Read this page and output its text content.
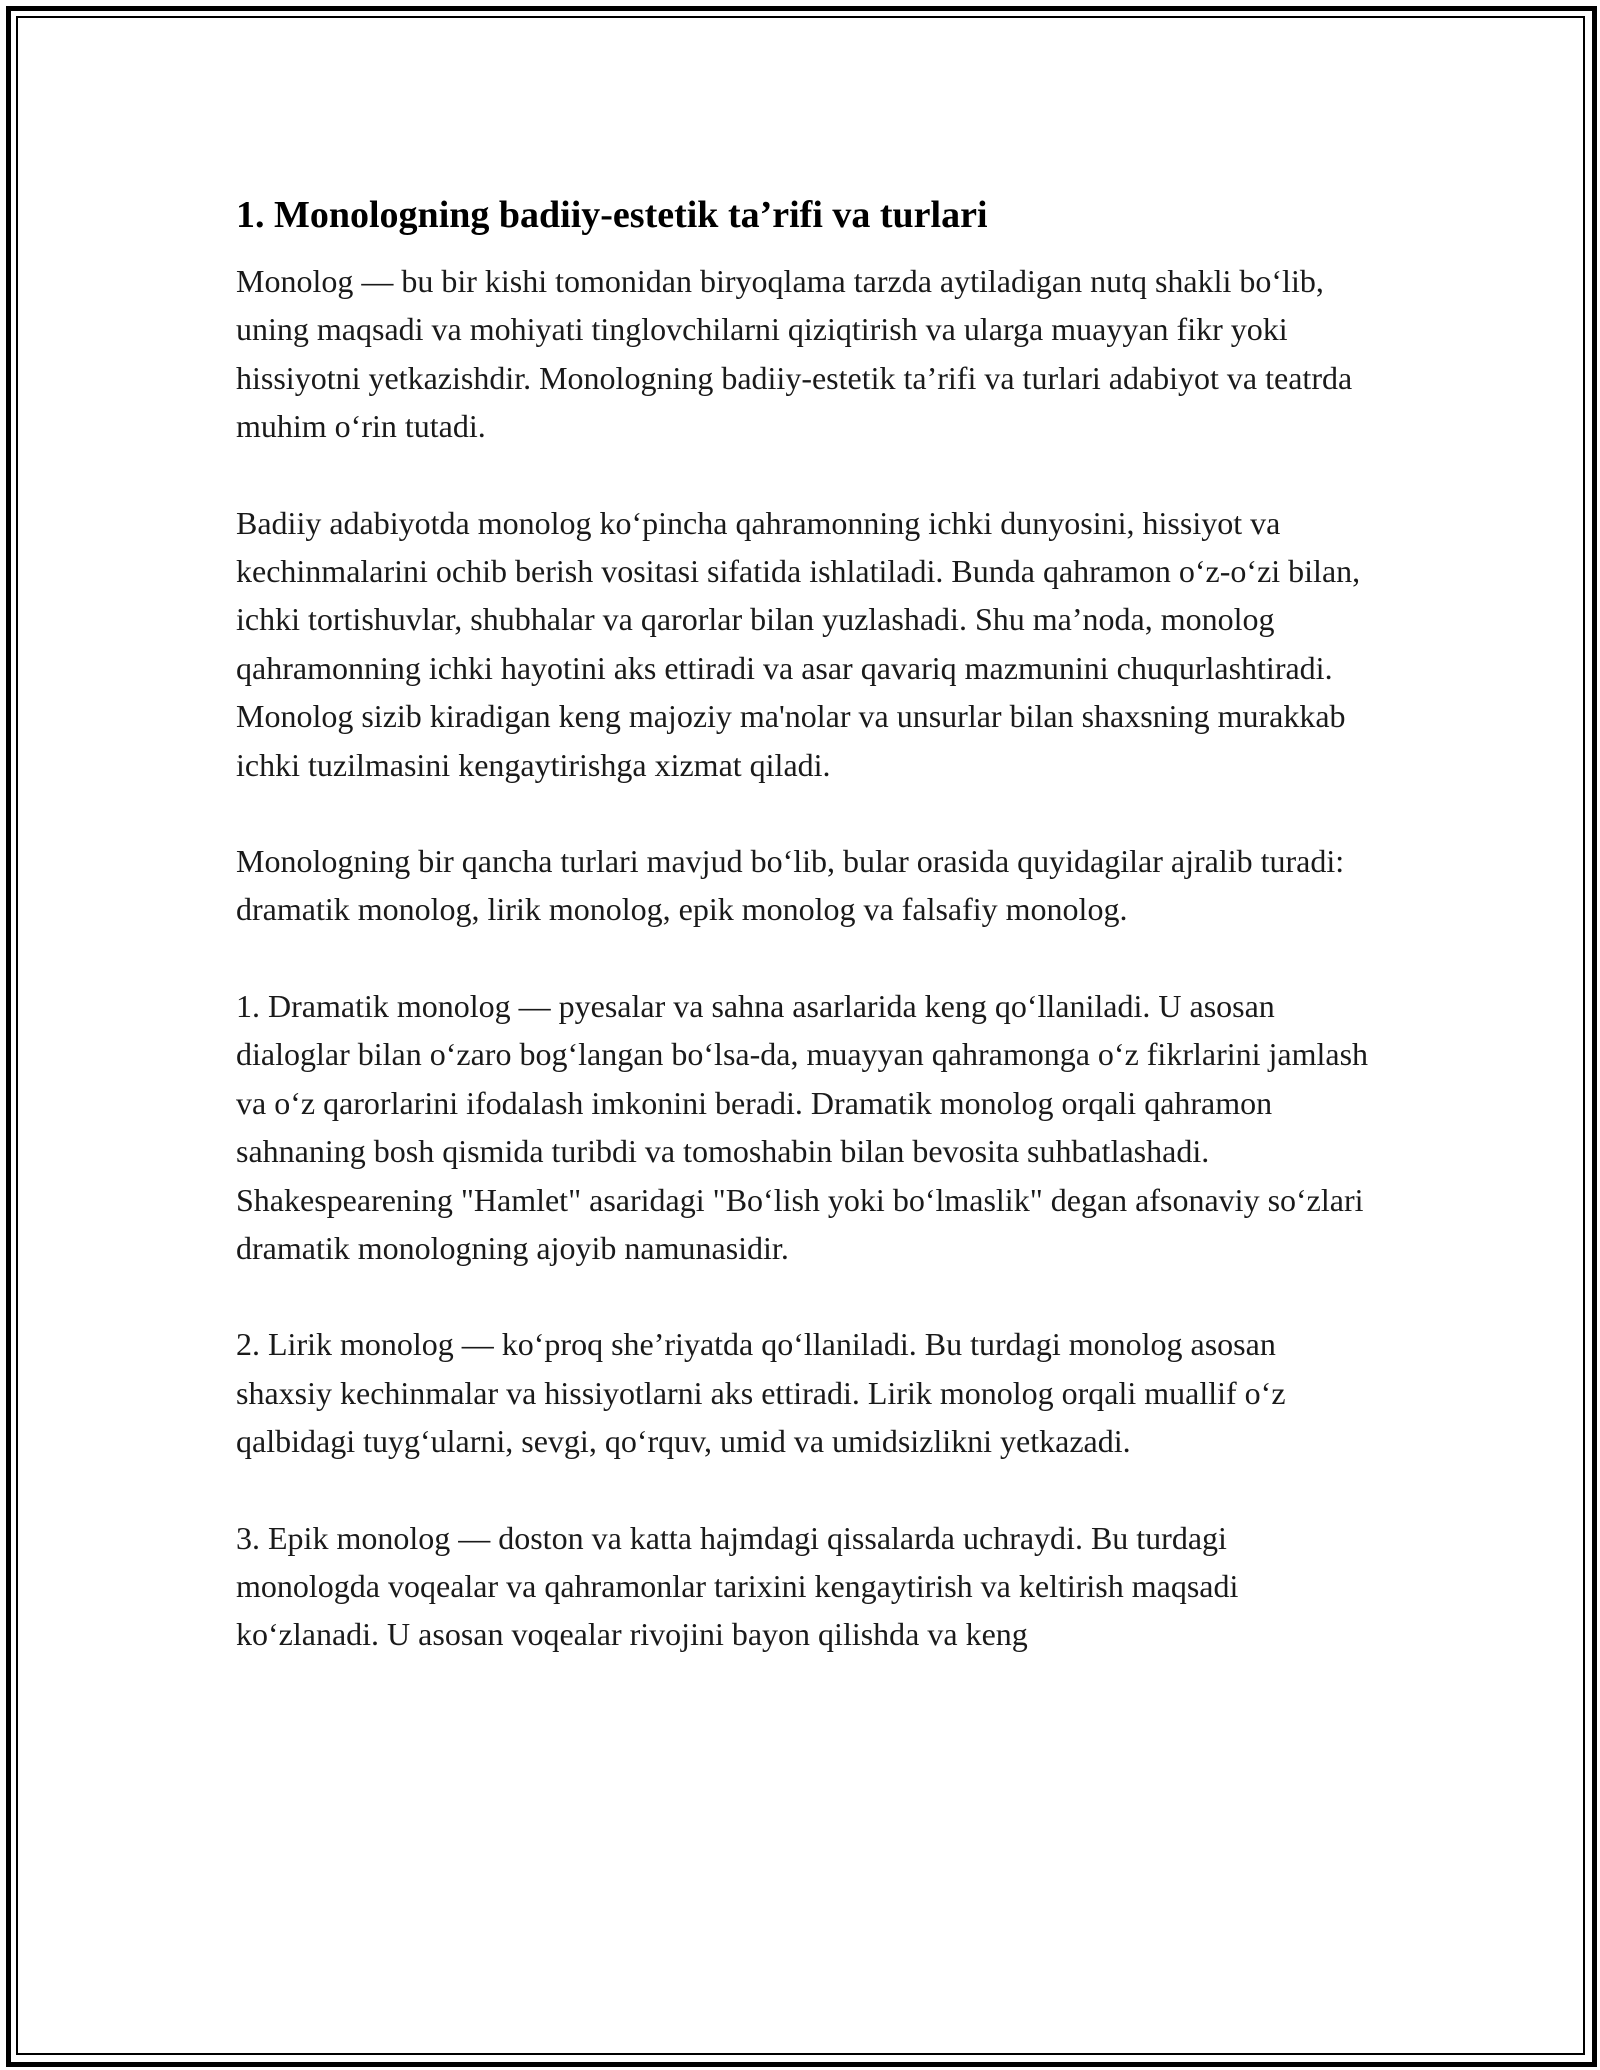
1. Monologning badiiy-estetik ta’rifi va turlari

Monolog — bu bir kishi tomonidan biryoqlama tarzda aytiladigan nutq shakli bo‘lib, uning maqsadi va mohiyati tinglovchilarni qiziqtirish va ularga muayyan fikr yoki hissiyotni yetkazishdir. Monologning badiiy-estetik ta’rifi va turlari adabiyot va teatrda muhim o‘rin tutadi.

Badiiy adabiyotda monolog ko‘pincha qahramonning ichki dunyosini, hissiyot va kechinmalarini ochib berish vositasi sifatida ishlatiladi. Bunda qahramon o‘z-o‘zi bilan, ichki tortishuvlar, shubhalar va qarorlar bilan yuzlashadi. Shu ma’noda, monolog qahramonning ichki hayotini aks ettiradi va asar qavariq mazmunini chuqurlashtiradi. Monolog sizib kiradigan keng majoziy ma'nolar va unsurlar bilan shaxsning murakkab ichki tuzilmasini kengaytirishga xizmat qiladi.

Monologning bir qancha turlari mavjud bo‘lib, bular orasida quyidagilar ajralib turadi: dramatik monolog, lirik monolog, epik monolog va falsafiy monolog.

1. Dramatik monolog — pyesalar va sahna asarlarida keng qo‘llaniladi. U asosan dialoglar bilan o‘zaro bog‘langan bo‘lsa-da, muayyan qahramonga o‘z fikrlarini jamlash va o‘z qarorlarini ifodalash imkonini beradi. Dramatik monolog orqali qahramon sahnaning bosh qismida turibdi va tomoshabin bilan bevosita suhbatlashadi. Shakespearening "Hamlet" asaridagi "Bo‘lish yoki bo‘lmaslik" degan afsonaviy so‘zlari dramatik monologning ajoyib namunasidir.

2. Lirik monolog — ko‘proq she’riyatda qo‘llaniladi. Bu turdagi monolog asosan shaxsiy kechinmalar va hissiyotlarni aks ettiradi. Lirik monolog orqali muallif o‘z qalbidagi tuyg‘ularni, sevgi, qo‘rquv, umid va umidsizlikni yetkazadi.

3. Epik monolog — doston va katta hajmdagi qissalarda uchraydi. Bu turdagi monologda voqealar va qahramonlar tarixini kengaytirish va keltirish maqsadi ko‘zlanadi. U asosan voqealar rivojini bayon qilishda va keng
